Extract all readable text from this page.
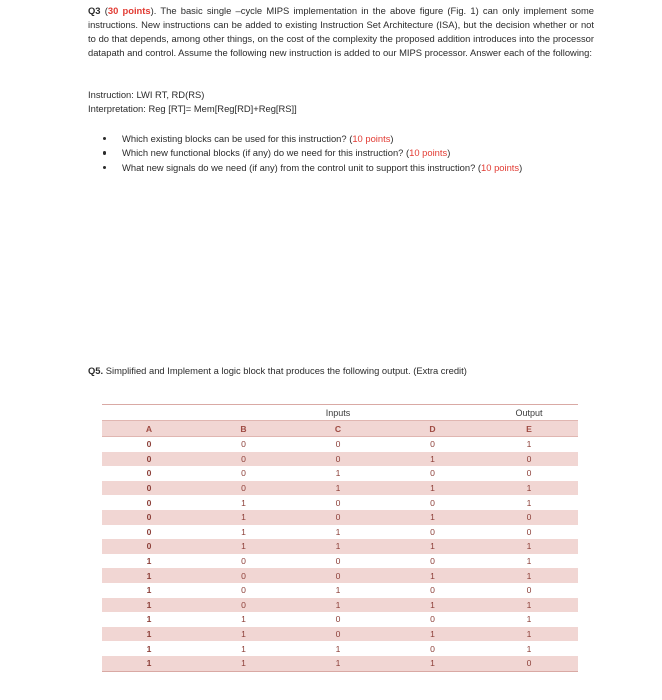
Q3 (30 points). The basic single –cycle MIPS implementation in the above figure (Fig. 1) can only implement some instructions. New instructions can be added to existing Instruction Set Architecture (ISA), but the decision whether or not to do that depends, among other things, on the cost of the complexity the proposed addition introduces into the processor datapath and control. Assume the following new instruction is added to our MIPS processor. Answer each of the following:

Instruction: LWI RT, RD(RS)
Interpretation: Reg [RT]= Mem[Reg[RD]+Reg[RS]]
Which existing blocks can be used for this instruction? (10 points)
Which new functional blocks (if any) do we need for this instruction? (10 points)
What new signals do we need (if any) from the control unit to support this instruction? (10 points)
Q5. Simplified and Implement a logic block that produces the following output. (Extra credit)
	Inputs			Output
A	B	C	D	E
0	0	0	0	1
0	0	0	1	0
0	0	1	0	0
0	0	1	1	1
0	1	0	0	1
0	1	0	1	0
0	1	1	0	0
0	1	1	1	1
1	0	0	0	1
1	0	0	1	1
1	0	1	0	0
1	0	1	1	1
1	1	0	0	1
1	1	0	1	1
1	1	1	0	1
1	1	1	1	0
